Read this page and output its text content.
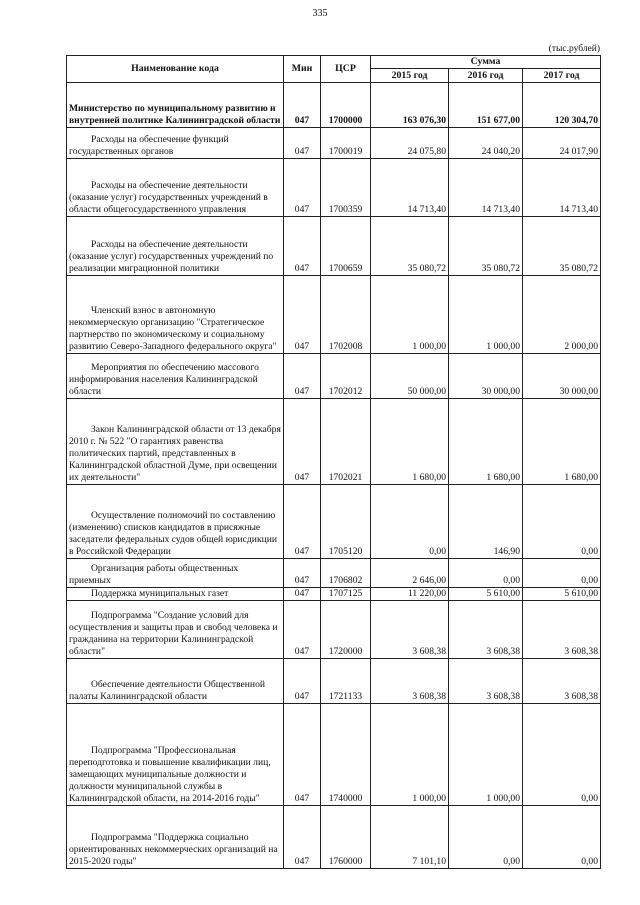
335
(тыс.рублей)
Наименование кода	Мин	ЦСР	Сумма		
			2015 год	2016 год	2017 год
Министерство по муниципальному развитию и внутренней политике Калининградской области	047	1700000	163 076,30	151 677,00	120 304,70
Расходы на обеспечение функций государственных органов	047	1700019	24 075,80	24 040,20	24 017,90
Расходы на обеспечение деятельности (оказание услуг) государственных учреждений в области общегосударственного управления	047	1700359	14 713,40	14 713,40	14 713,40
Расходы на обеспечение деятельности (оказание услуг) государственных учреждений по реализации миграционной политики	047	1700659	35 080,72	35 080,72	35 080,72
Членский взнос в автономную некоммерческую организацию "Стратегическое партнерство по экономическому и социальному развитию Северо-Западного федерального округа"	047	1702008	1 000,00	1 000,00	2 000,00
Мероприятия по обеспечению массового информирования населения Калининградской области	047	1702012	50 000,00	30 000,00	30 000,00
Закон Калининградской области от 13 декабря 2010 г. № 522 "О гарантиях равенства политических партий, представленных в Калининградской областной Думе, при освещении их деятельности"	047	1702021	1 680,00	1 680,00	1 680,00
Осуществление полномочий по составлению (изменению) списков кандидатов в присяжные заседатели федеральных судов общей юрисдикции в Российской Федерации	047	1705120	0,00	146,90	0,00
Организация работы общественных приемных	047	1706802	2 646,00	0,00	0,00
Поддержка муниципальных газет	047	1707125	11 220,00	5 610,00	5 610,00
Подпрограмма "Создание условий для осуществления и защиты прав и свобод человека и гражданина на территории Калининградской области"	047	1720000	3 608,38	3 608,38	3 608,38
Обеспечение деятельности Общественной палаты Калининградской области	047	1721133	3 608,38	3 608,38	3 608,38
Подпрограмма "Профессиональная переподготовка и повышение квалификации лиц, замещающих муниципальные должности и должности муниципальной службы в Калининградской области, на 2014-2016 годы"	047	1740000	1 000,00	1 000,00	0,00
Подпрограмма "Поддержка социально ориентированных некоммерческих организаций на 2015-2020 годы"	047	1760000	7 101,10	0,00	0,00
